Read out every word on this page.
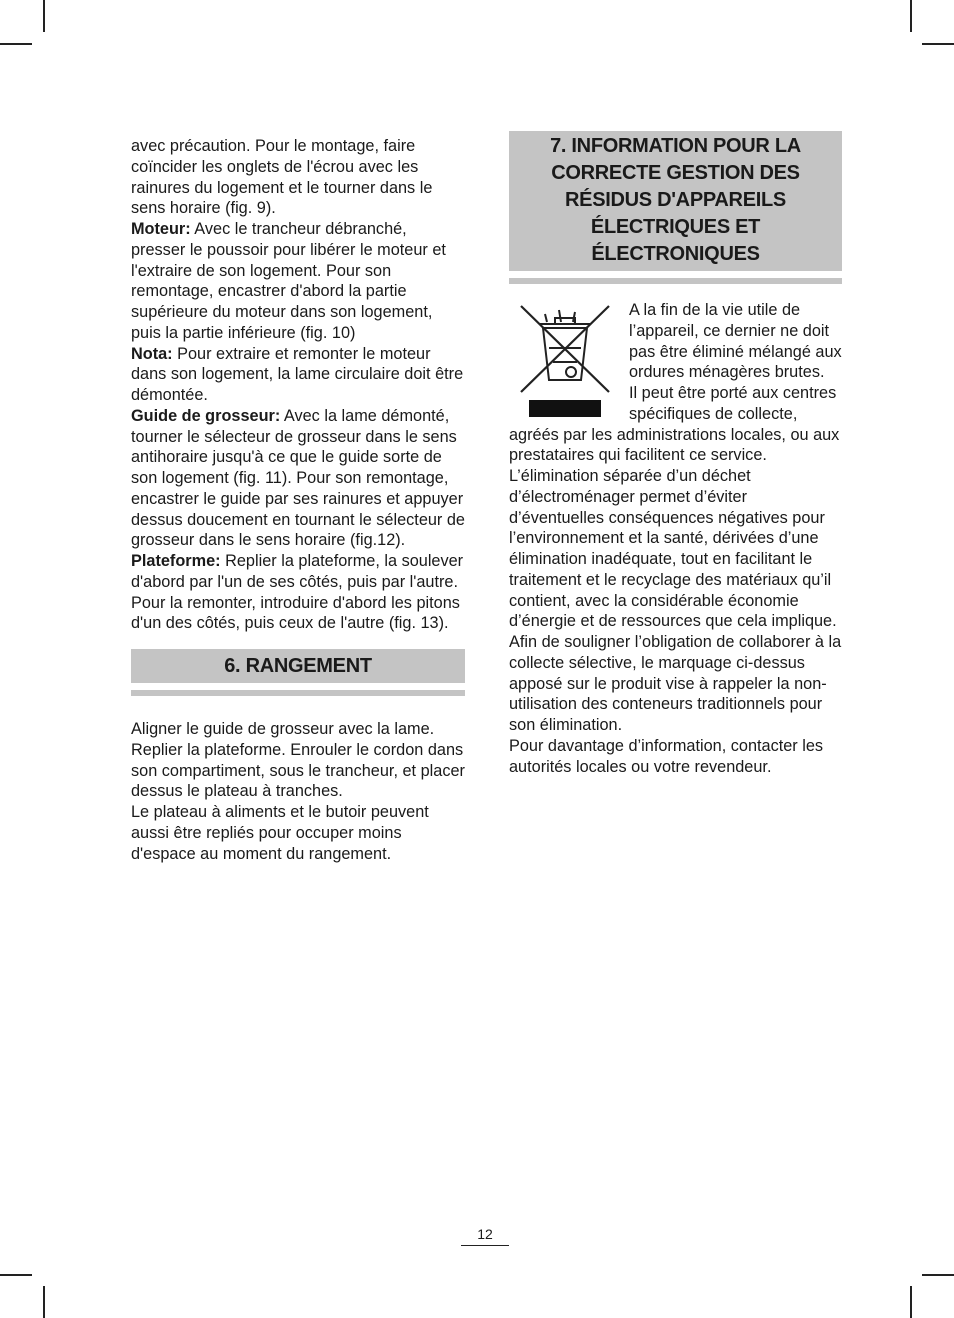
avec précaution. Pour le montage, faire coïncider les onglets de l'écrou avec les rainures du logement et le tourner dans le sens horaire (fig. 9).

Moteur: Avec le trancheur débranché, presser le poussoir pour libérer le moteur et l'extraire de son logement. Pour son remontage, encastrer d'abord la partie supérieure du moteur dans son logement, puis la partie inférieure (fig. 10)

Nota: Pour extraire et remonter le moteur dans son logement, la lame circulaire doit être démontée.

Guide de grosseur: Avec la lame démonté, tourner le sélecteur de grosseur dans le sens

antihoraire jusqu'à ce que le guide sorte de son logement (fig. 11). Pour son remontage, encastrer le guide par ses rainures et appuyer dessus doucement en tournant le sélecteur de grosseur dans le sens horaire (fig.12).

Plateforme: Replier la plateforme, la soulever d'abord par l'un de ses côtés, puis par l'autre. Pour la remonter, introduire d'abord les pitons d'un des côtés, puis ceux de l'autre (fig. 13).

6. RANGEMENT

Aligner le guide de grosseur avec la lame. Replier la plateforme. Enrouler le cordon dans son compartiment, sous le trancheur, et placer dessus le plateau à tranches.

Le plateau à aliments et le butoir peuvent aussi être repliés pour occuper moins d'espace au moment du rangement.

7. INFORMATION POUR LA CORRECTE GESTION DES RÉSIDUS D'APPAREILS ÉLECTRIQUES ET ÉLECTRONIQUES

A la fin de la vie utile de l’appareil, ce dernier ne doit pas être éliminé mélangé aux ordures ménagères brutes.

Il peut être porté aux centres spécifiques de collecte, agréés par les administrations locales, ou aux prestataires qui facilitent ce service.

L’élimination séparée d’un déchet d’électroménager permet d’éviter d’éventuelles conséquences négatives pour l’environnement et la santé, dérivées d’une élimination inadéquate, tout en facilitant le traitement et le recyclage des matériaux qu’il contient, avec la considérable économie d’énergie et de ressources que cela implique.

Afin de souligner l’obligation de collaborer à la collecte sélective, le marquage ci-dessus apposé sur le produit vise à rappeler la non-utilisation des conteneurs traditionnels pour son élimination.

Pour davantage d’information, contacter les autorités locales ou votre revendeur.

12
